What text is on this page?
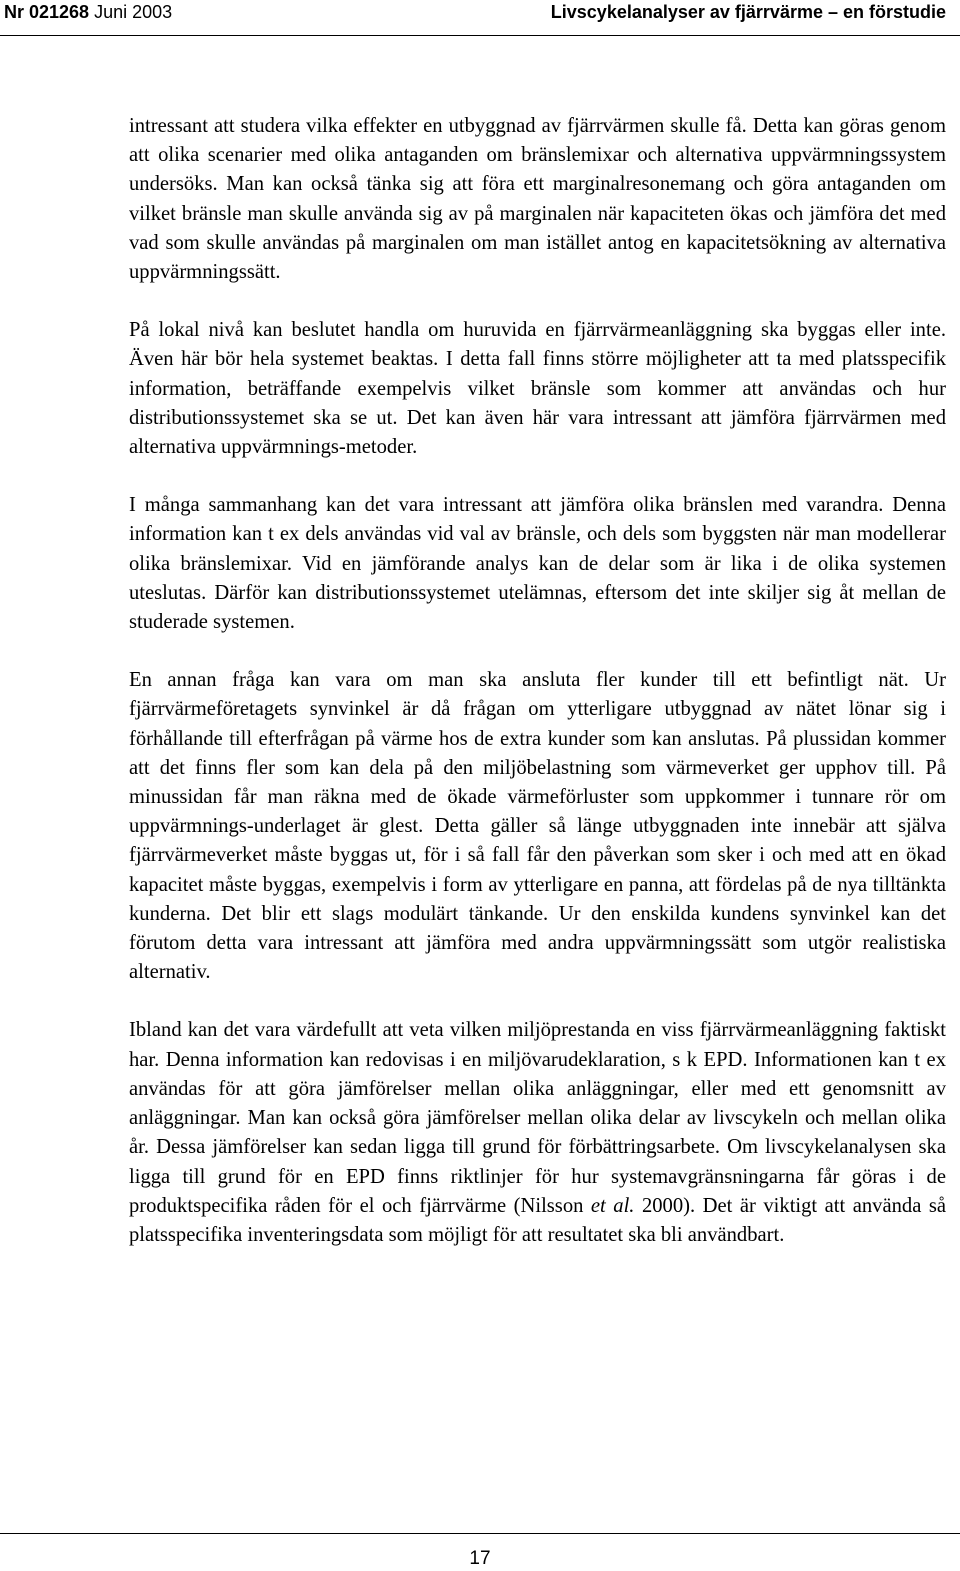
Nr 021268 Juni 2003	Livscykelanalyser av fjärrvärme – en förstudie

intressant att studera vilka effekter en utbyggnad av fjärrvärmen skulle få. Detta kan göras genom att olika scenarier med olika antaganden om bränslemixar och alternativa uppvärmningssystem undersöks. Man kan också tänka sig att föra ett marginalresonemang och göra antaganden om vilket bränsle man skulle använda sig av på marginalen när kapaciteten ökas och jämföra det med vad som skulle användas på marginalen om man istället antog en kapacitetsökning av alternativa uppvärmningssätt.

På lokal nivå kan beslutet handla om huruvida en fjärrvärmeanläggning ska byggas eller inte. Även här bör hela systemet beaktas. I detta fall finns större möjligheter att ta med platsspecifik information, beträffande exempelvis vilket bränsle som kommer att användas och hur distributionssystemet ska se ut. Det kan även här vara intressant att jämföra fjärrvärmen med alternativa uppvärmnings-metoder.

I många sammanhang kan det vara intressant att jämföra olika bränslen med varandra. Denna information kan t ex dels användas vid val av bränsle, och dels som byggsten när man modellerar olika bränslemixar. Vid en jämförande analys kan de delar som är lika i de olika systemen uteslutas. Därför kan distributionssystemet utelämnas, eftersom det inte skiljer sig åt mellan de studerade systemen.

En annan fråga kan vara om man ska ansluta fler kunder till ett befintligt nät. Ur fjärrvärmeföretagets synvinkel är då frågan om ytterligare utbyggnad av nätet lönar sig i förhållande till efterfrågan på värme hos de extra kunder som kan anslutas. På plussidan kommer att det finns fler som kan dela på den miljöbelastning som värmeverket ger upphov till. På minussidan får man räkna med de ökade värmeförluster som uppkommer i tunnare rör om uppvärmnings-underlaget är glest. Detta gäller så länge utbyggnaden inte innebär att själva fjärrvärmeverket måste byggas ut, för i så fall får den påverkan som sker i och med att en ökad kapacitet måste byggas, exempelvis i form av ytterligare en panna, att fördelas på de nya tilltänkta kunderna. Det blir ett slags modulärt tänkande. Ur den enskilda kundens synvinkel kan det förutom detta vara intressant att jämföra med andra uppvärmningssätt som utgör realistiska alternativ.

Ibland kan det vara värdefullt att veta vilken miljöprestanda en viss fjärrvärmeanläggning faktiskt har. Denna information kan redovisas i en miljövarudeklaration, s k EPD. Informationen kan t ex användas för att göra jämförelser mellan olika anläggningar, eller med ett genomsnitt av anläggningar. Man kan också göra jämförelser mellan olika delar av livscykeln och mellan olika år. Dessa jämförelser kan sedan ligga till grund för förbättringsarbete. Om livscykelanalysen ska ligga till grund för en EPD finns riktlinjer för hur systemavgränsningarna får göras i de produktspecifika råden för el och fjärrvärme (Nilsson et al. 2000). Det är viktigt att använda så platsspecifika inventeringsdata som möjligt för att resultatet ska bli användbart.

17
